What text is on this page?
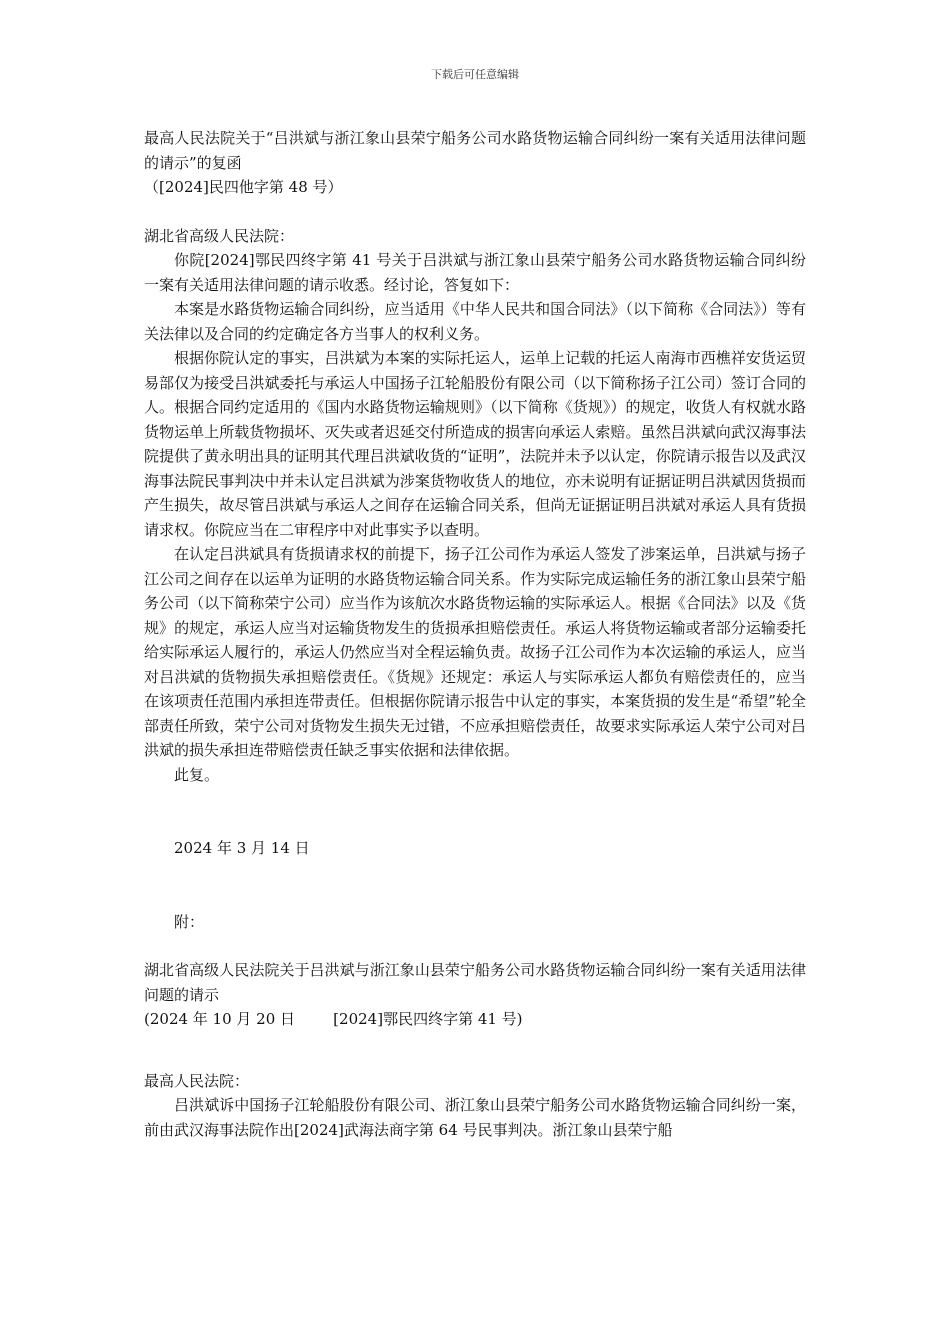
下载后可任意编辑

最高人民法院关于“吕洪斌与浙江象山县荣宁船务公司水路货物运输合同纠纷一案有关适用法律问题的请示”的复函

（[2024]民四他字第 48 号）

湖北省高级人民法院：

你院[2024]鄂民四终字第 41 号关于吕洪斌与浙江象山县荣宁船务公司水路货物运输合同纠纷一案有关适用法律问题的请示收悉。经讨论，答复如下：

本案是水路货物运输合同纠纷，应当适用《中华人民共和国合同法》（以下简称《合同法》）等有关法律以及合同的约定确定各方当事人的权利义务。

根据你院认定的事实，吕洪斌为本案的实际托运人，运单上记载的托运人南海市西樵祥安货运贸易部仅为接受吕洪斌委托与承运人中国扬子江轮船股份有限公司（以下简称扬子江公司）签订合同的人。根据合同约定适用的《国内水路货物运输规则》（以下简称《货规》）的规定，收货人有权就水路货物运单上所载货物损坏、灭失或者迟延交付所造成的损害向承运人索赔。虽然吕洪斌向武汉海事法院提供了黄永明出具的证明其代理吕洪斌收货的“证明”，法院并未予以认定，你院请示报告以及武汉海事法院民事判决中并未认定吕洪斌为涉案货物收货人的地位，亦未说明有证据证明吕洪斌因货损而产生损失，故尽管吕洪斌与承运人之间存在运输合同关系，但尚无证据证明吕洪斌对承运人具有货损请求权。你院应当在二审程序中对此事实予以查明。

在认定吕洪斌具有货损请求权的前提下，扬子江公司作为承运人签发了涉案运单，吕洪斌与扬子江公司之间存在以运单为证明的水路货物运输合同关系。作为实际完成运输任务的浙江象山县荣宁船务公司（以下简称荣宁公司）应当作为该航次水路货物运输的实际承运人。根据《合同法》以及《货规》的规定，承运人应当对运输货物发生的货损承担赔偿责任。承运人将货物运输或者部分运输委托给实际承运人履行的，承运人仍然应当对全程运输负责。故扬子江公司作为本次运输的承运人，应当对吕洪斌的货物损失承担赔偿责任。《货规》还规定：承运人与实际承运人都负有赔偿责任的，应当在该项责任范围内承担连带责任。但根据你院请示报告中认定的事实，本案货损的发生是“希望”轮全部责任所致，荣宁公司对货物发生损失无过错，不应承担赔偿责任，故要求实际承运人荣宁公司对吕洪斌的损失承担连带赔偿责任缺乏事实依据和法律依据。

此复。

2024 年 3 月 14 日

附：

湖北省高级人民法院关于吕洪斌与浙江象山县荣宁船务公司水路货物运输合同纠纷一案有关适用法律问题的请示

(2024 年 10 月 20 日        [2024]鄂民四终字第 41 号)

最高人民法院：

吕洪斌诉中国扬子江轮船股份有限公司、浙江象山县荣宁船务公司水路货物运输合同纠纷一案，前由武汉海事法院作出[2024]武海法商字第 64 号民事判决。浙江象山县荣宁船
